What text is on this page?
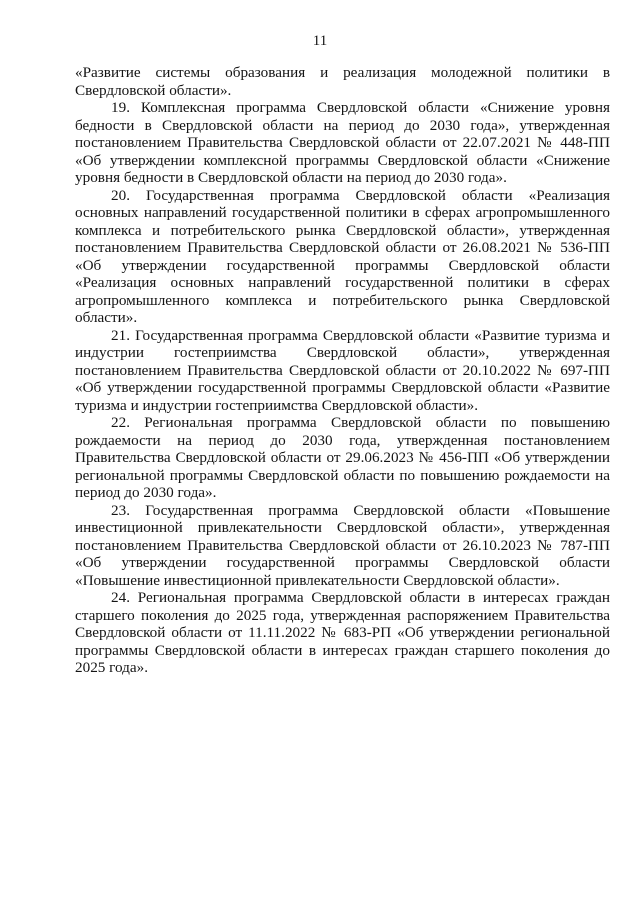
11

«Развитие системы образования и реализация молодежной политики в Свердловской области».

19. Комплексная программа Свердловской области «Снижение уровня бедности в Свердловской области на период до 2030 года», утвержденная постановлением Правительства Свердловской области от 22.07.2021 № 448-ПП «Об утверждении комплексной программы Свердловской области «Снижение уровня бедности в Свердловской области на период до 2030 года».

20. Государственная программа Свердловской области «Реализация основных направлений государственной политики в сферах агропромышленного комплекса и потребительского рынка Свердловской области», утвержденная постановлением Правительства Свердловской области от 26.08.2021 № 536-ПП «Об утверждении государственной программы Свердловской области «Реализация основных направлений государственной политики в сферах агропромышленного комплекса и потребительского рынка Свердловской области».

21. Государственная программа Свердловской области «Развитие туризма и индустрии гостеприимства Свердловской области», утвержденная постановлением Правительства Свердловской области от 20.10.2022 № 697-ПП «Об утверждении государственной программы Свердловской области «Развитие туризма и индустрии гостеприимства Свердловской области».

22. Региональная программа Свердловской области по повышению рождаемости на период до 2030 года, утвержденная постановлением Правительства Свердловской области от 29.06.2023 № 456-ПП «Об утверждении региональной программы Свердловской области по повышению рождаемости на период до 2030 года».

23. Государственная программа Свердловской области «Повышение инвестиционной привлекательности Свердловской области», утвержденная постановлением Правительства Свердловской области от 26.10.2023 № 787-ПП «Об утверждении государственной программы Свердловской области «Повышение инвестиционной привлекательности Свердловской области».

24. Региональная программа Свердловской области в интересах граждан старшего поколения до 2025 года, утвержденная распоряжением Правительства Свердловской области от 11.11.2022 № 683-РП «Об утверждении региональной программы Свердловской области в интересах граждан старшего поколения до 2025 года».
